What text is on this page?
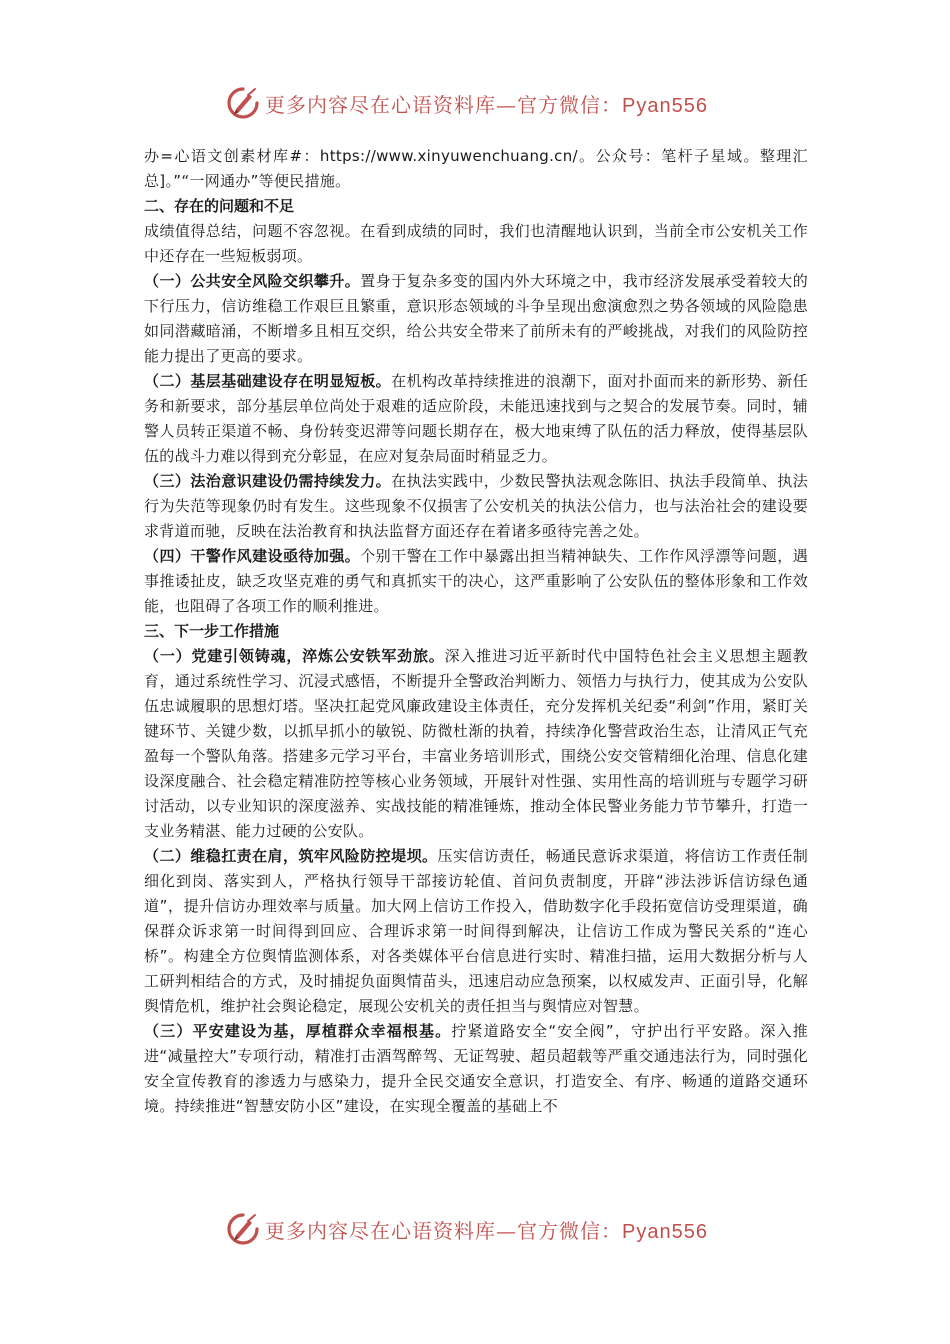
更多内容尽在心语资料库—官方微信：Pyan556

办=心语文创素材库#：https://www.xinyuwenchuang.cn/。公众号：笔杆子星域。整理汇总]。”“一网通办”等便民措施。

二、存在的问题和不足

成绩值得总结，问题不容忽视。在看到成绩的同时，我们也清醒地认识到，当前全市公安机关工作中还存在一些短板弱项。

（一）公共安全风险交织攀升。置身于复杂多变的国内外大环境之中，我市经济发展承受着较大的下行压力，信访维稳工作艰巨且繁重，意识形态领域的斗争呈现出愈演愈烈之势各领域的风险隐患如同潜藏暗涌，不断增多且相互交织，给公共安全带来了前所未有的严峻挑战，对我们的风险防控能力提出了更高的要求。

（二）基层基础建设存在明显短板。在机构改革持续推进的浪潮下，面对扑面而来的新形势、新任务和新要求，部分基层单位尚处于艰难的适应阶段，未能迅速找到与之契合的发展节奏。同时，辅警人员转正渠道不畅、身份转变迟滞等问题长期存在，极大地束缚了队伍的活力释放，使得基层队伍的战斗力难以得到充分彰显，在应对复杂局面时稍显乏力。

（三）法治意识建设仍需持续发力。在执法实践中，少数民警执法观念陈旧、执法手段简单、执法行为失范等现象仍时有发生。这些现象不仅损害了公安机关的执法公信力，也与法治社会的建设要求背道而驰，反映在法治教育和执法监督方面还存在着诸多亟待完善之处。

（四）干警作风建设亟待加强。个别干警在工作中暴露出担当精神缺失、工作作风浮漂等问题，遇事推诿扯皮，缺乏攻坚克难的勇气和真抓实干的决心，这严重影响了公安队伍的整体形象和工作效能，也阻碍了各项工作的顺利推进。

三、下一步工作措施

（一）党建引领铸魂，淬炼公安铁军劲旅。深入推进习近平新时代中国特色社会主义思想主题教育，通过系统性学习、沉浸式感悟，不断提升全警政治判断力、领悟力与执行力，使其成为公安队伍忠诚履职的思想灯塔。坚决扛起党风廉政建设主体责任，充分发挥机关纪委“利剑”作用，紧盯关键环节、关键少数，以抓早抓小的敏锐、防微杜渐的执着，持续净化警营政治生态，让清风正气充盈每一个警队角落。搭建多元学习平台，丰富业务培训形式，围绕公安交管精细化治理、信息化建设深度融合、社会稳定精准防控等核心业务领域，开展针对性强、实用性高的培训班与专题学习研讨活动，以专业知识的深度滋养、实战技能的精准锤炼，推动全体民警业务能力节节攀升，打造一支业务精湛、能力过硬的公安队。

（二）维稳扛责在肩，筑牢风险防控堤坝。压实信访责任，畅通民意诉求渠道，将信访工作责任制细化到岗、落实到人，严格执行领导干部接访轮值、首问负责制度，开辟“涉法涉诉信访绿色通道”，提升信访办理效率与质量。加大网上信访工作投入，借助数字化手段拓宽信访受理渠道，确保群众诉求第一时间得到回应、合理诉求第一时间得到解决，让信访工作成为警民关系的“连心桥”。构建全方位舆情监测体系，对各类媒体平台信息进行实时、精准扫描，运用大数据分析与人工研判相结合的方式，及时捕捉负面舆情苗头，迅速启动应急预案，以权威发声、正面引导，化解舆情危机，维护社会舆论稳定，展现公安机关的责任担当与舆情应对智慧。

（三）平安建设为基，厚植群众幸福根基。拧紧道路安全“安全阀”，守护出行平安路。深入推进“减量控大”专项行动，精准打击酒驾醉驾、无证驾驶、超员超载等严重交通违法行为，同时强化安全宣传教育的渗透力与感染力，提升全民交通安全意识，打造安全、有序、畅通的道路交通环境。持续推进“智慧安防小区”建设，在实现全覆盖的基础上不

更多内容尽在心语资料库—官方微信：Pyan556
